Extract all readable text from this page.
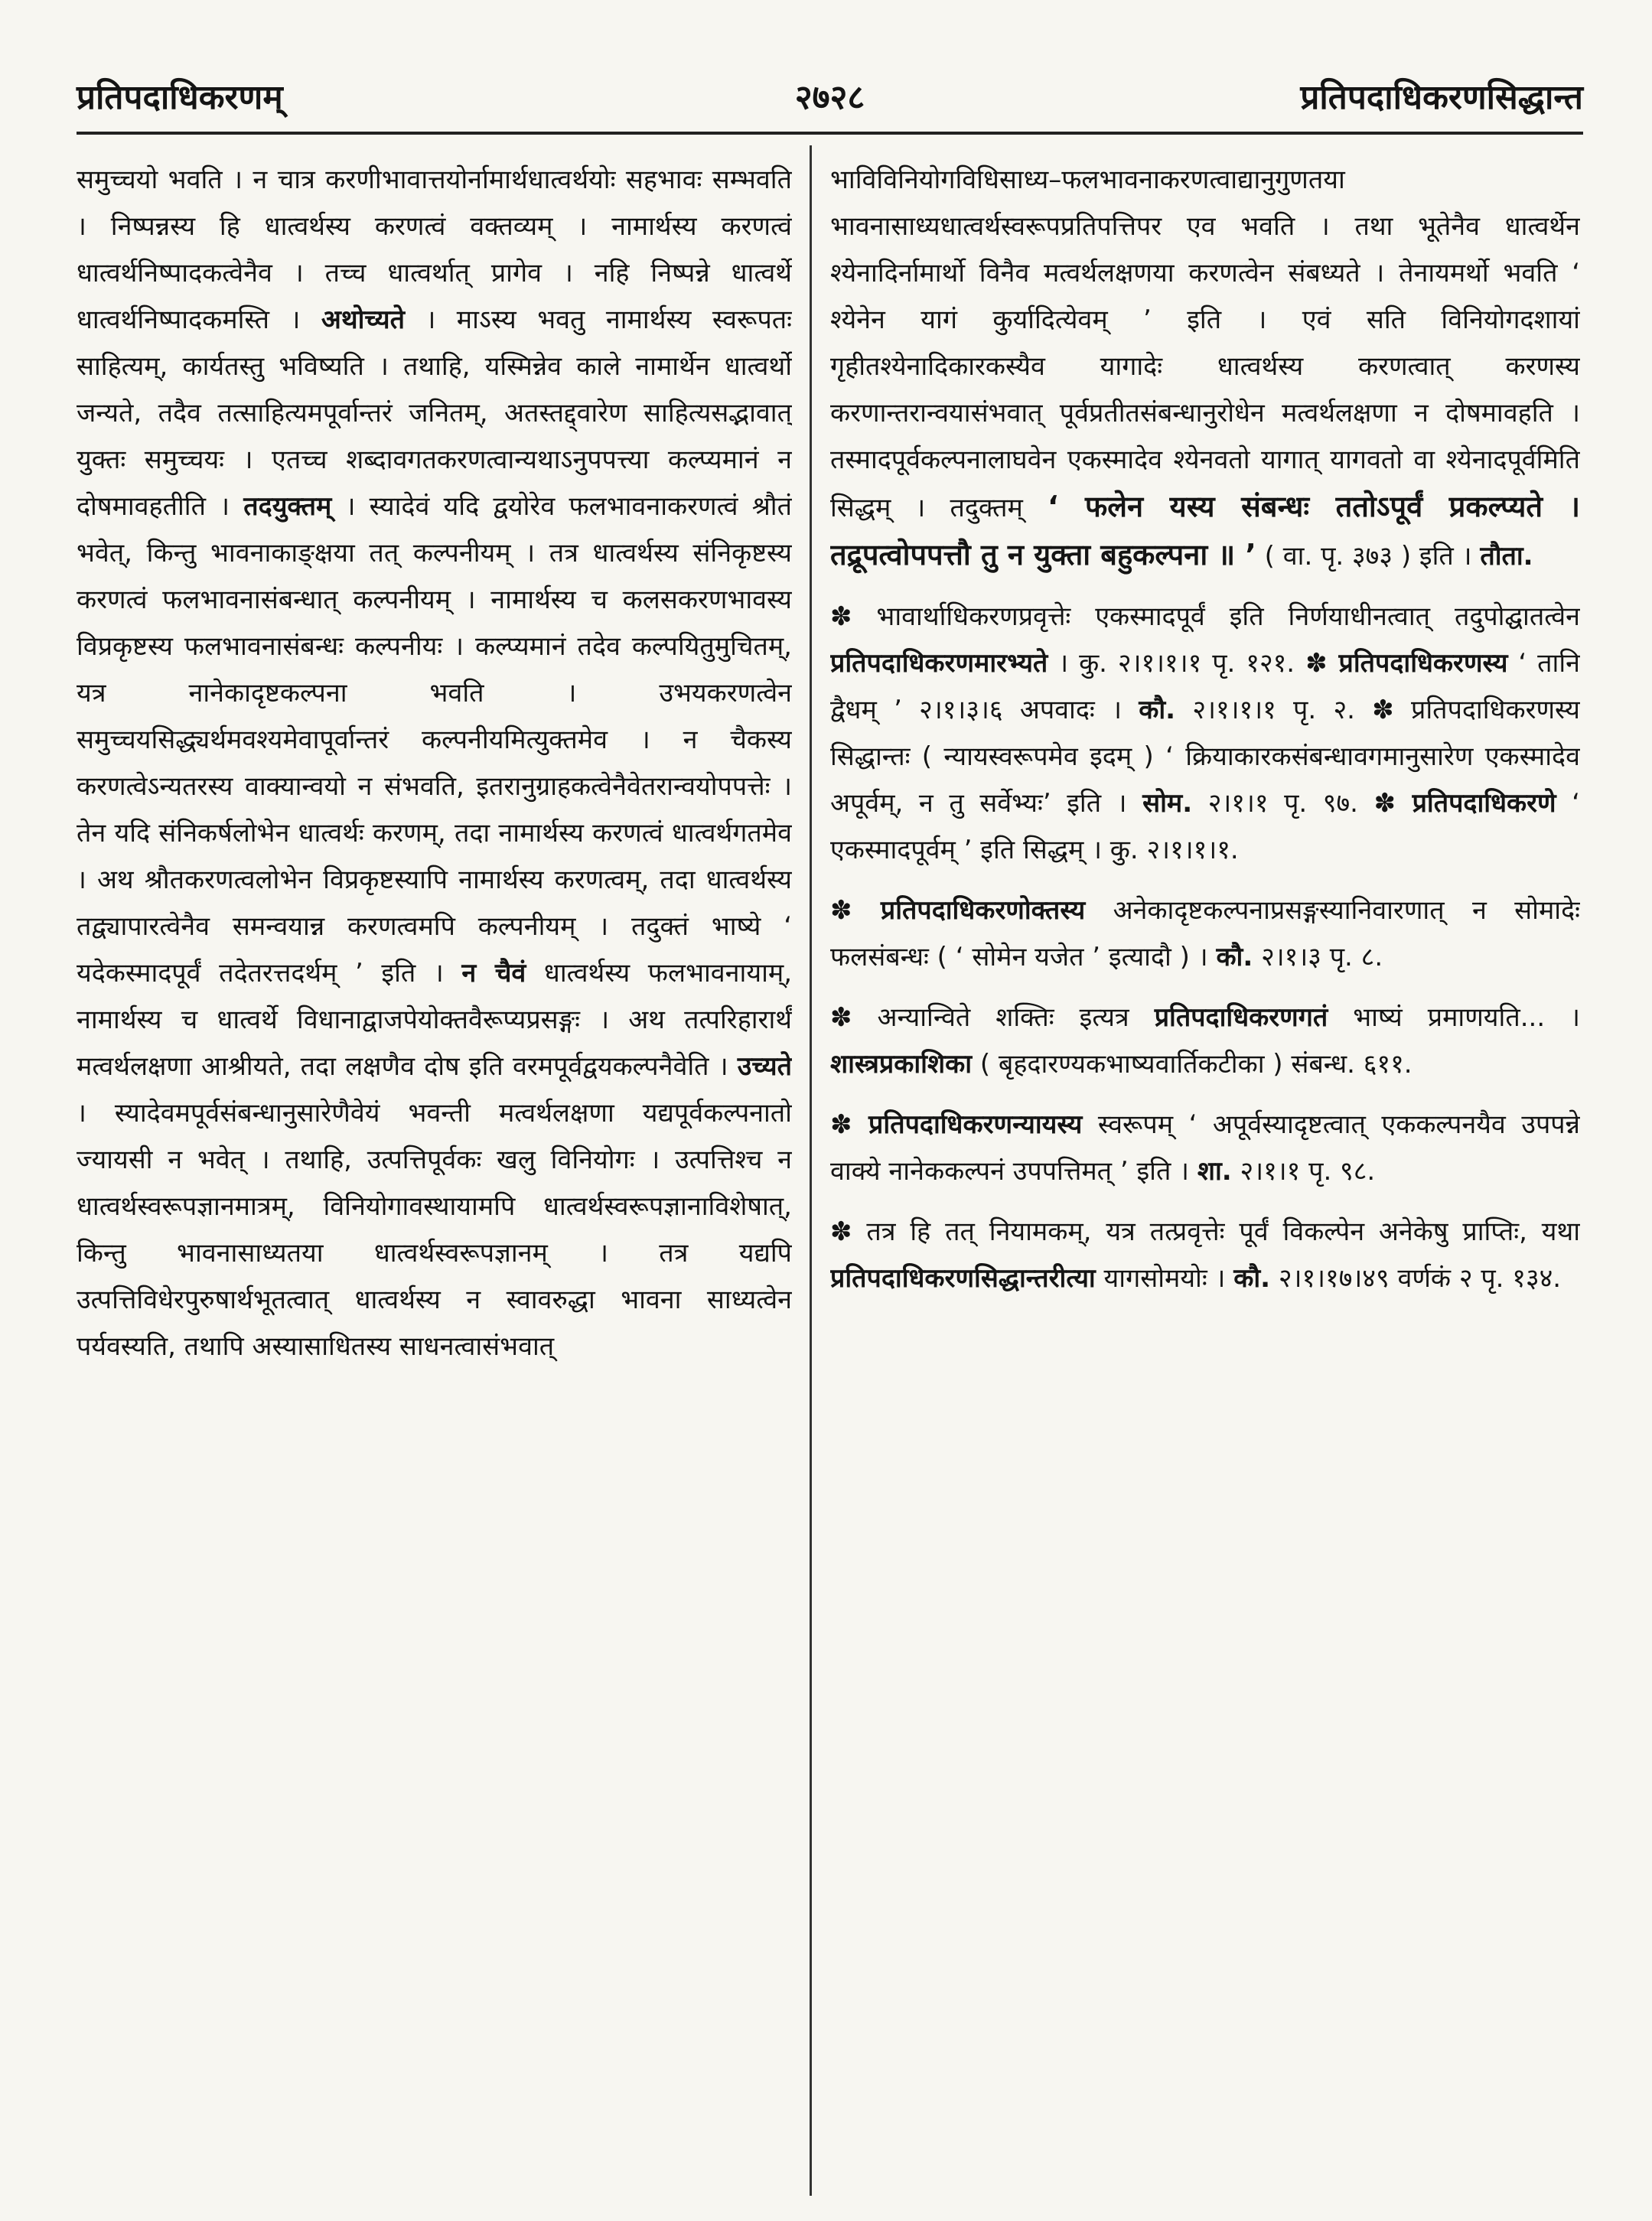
प्रतिपदाधिकरणम्	२७२८	प्रतिपदाधिकरणसिद्धान्त

समुच्चयो भवति । न चात्र करणीभावात्तयोर्नामार्थधात्वर्थयोः सहभावः सम्भवति । निष्पन्नस्य हि धात्वर्थस्य करणत्वं वक्तव्यम् । नामार्थस्य करणत्वं धात्वर्थनिष्पादकत्वेनैव । तच्च धात्वर्थात् प्रागेव । नहि निष्पन्ने धात्वर्थे धात्वर्थनिष्पादकमस्ति । अथोच्यते । माऽस्य भवतु नामार्थस्य स्वरूपतः साहित्यम्, कार्यतस्तु भविष्यति । तथाहि, यस्मिन्नेव काले नामार्थेन धात्वर्थो जन्यते, तदैव तत्साहित्यमपूर्वान्तरं जनितम्, अतस्तद्द्वारेण साहित्यसद्भावात् युक्तः समुच्चयः । एतच्च शब्दावगतकरणत्वान्यथाऽनुपपत्त्या कल्प्यमानं न दोषमावहतीति । तदयुक्तम् । स्यादेवं यदि द्वयोरेव फलभावनाकरणत्वं श्रौतं भवेत्, किन्तु भावनाकाङ्क्षया तत् कल्पनीयम् । तत्र धात्वर्थस्य संनिकृष्टस्य करणत्वं फलभावनासंबन्धात् कल्पनीयम् । नामार्थस्य च कलसकरणभावस्य विप्रकृष्टस्य फलभावनासंबन्धः कल्पनीयः । कल्प्यमानं तदेव कल्पयितुमुचितम्, यत्र नानेकादृष्टकल्पना भवति । उभयकरणत्वेन समुच्चयसिद्ध्यर्थमवश्यमेवापूर्वान्तरं कल्पनीयमित्युक्तमेव । न चैकस्य करणत्वेऽन्यतरस्य वाक्यान्वयो न संभवति, इतरानुग्राहकत्वेनैवेतरान्वयोपपत्तेः । तेन यदि संनिकर्षलोभेन धात्वर्थः करणम्, तदा नामार्थस्य करणत्वं धात्वर्थगतमेव । अथ श्रौतकरणत्वलोभेन विप्रकृष्टस्यापि नामार्थस्य करणत्वम्, तदा धात्वर्थस्य तद्व्यापारत्वेनैव समन्वयान्न करणत्वमपि कल्पनीयम् । तदुक्तं भाष्ये ‘ यदेकस्मादपूर्वं तदेतरत्तदर्थम् ’ इति । न चैवं धात्वर्थस्य फलभावनायाम्, नामार्थस्य च धात्वर्थे विधानाद्वाजपेयोक्तवैरूप्यप्रसङ्गः । अथ तत्परिहारार्थं मत्वर्थलक्षणा आश्रीयते, तदा लक्षणैव दोष इति वरमपूर्वद्वयकल्पनैवेति । उच्यते । स्यादेवमपूर्वसंबन्धानुसारेणैवेयं भवन्ती मत्वर्थलक्षणा यद्यपूर्वकल्पनातो ज्यायसी न भवेत् । तथाहि, उत्पत्तिपूर्वकः खलु विनियोगः । उत्पत्तिश्च न धात्वर्थस्वरूपज्ञानमात्रम्, विनियोगावस्थायामपि धात्वर्थस्वरूपज्ञानाविशेषात्, किन्तु भावनासाध्यतया धात्वर्थस्वरूपज्ञानम् । तत्र यद्यपि उत्पत्तिविधेरपुरुषार्थभूतत्वात् धात्वर्थस्य न स्वावरुद्धा भावना साध्यत्वेन पर्यवस्यति, तथापि अस्यासाधितस्य साधनत्वासंभवात्

भाविविनियोगविधिसाध्य–फलभावनाकरणत्वाद्यानुगुणतया भावनासाध्यधात्वर्थस्वरूपप्रतिपत्तिपर एव भवति । तथा भूतेनैव धात्वर्थेन श्येनादिर्नामार्थो विनैव मत्वर्थलक्षणया करणत्वेन संबध्यते । तेनायमर्थो भवति ‘ श्येनेन यागं कुर्यादित्येवम् ’ इति । एवं सति विनियोगदशायां गृहीतश्येनादिकारकस्यैव यागादेः धात्वर्थस्य करणत्वात् करणस्य करणान्तरान्वयासंभवात् पूर्वप्रतीतसंबन्धानुरोधेन मत्वर्थलक्षणा न दोषमावहति । तस्मादपूर्वकल्पनालाघवेन एकस्मादेव श्येनवतो यागात् यागवतो वा श्येनादपूर्वमिति सिद्धम् । तदुक्तम् ‘ फलेन यस्य संबन्धः ततोऽपूर्वं प्रकल्प्यते । तद्रूपत्वोपपत्तौ तु न युक्ता बहुकल्पना ॥ ’ ( वा. पृ. ३७३ ) इति । तौता.

✽ भावार्थाधिकरणप्रवृत्तेः एकस्मादपूर्वं इति निर्णयाधीनत्वात् तदुपोद्घातत्वेन प्रतिपदाधिकरणमारभ्यते । कु. २।१।१।१ पृ. १२१. ✽ प्रतिपदाधिकरणस्य ‘ तानि द्वैधम् ’ २।१।३।६ अपवादः । कौ. २।१।१।१ पृ. २. ✽ प्रतिपदाधिकरणस्य सिद्धान्तः ( न्यायस्वरूपमेव इदम् ) ‘ क्रियाकारकसंबन्धावगमानुसारेण एकस्मादेव अपूर्वम्, न तु सर्वेभ्यः’ इति । सोम. २।१।१ पृ. ९७. ✽ प्रतिपदाधिकरणे ‘ एकस्मादपूर्वम् ’ इति सिद्धम् । कु. २।१।१।१.

✽ प्रतिपदाधिकरणोक्तस्य अनेकादृष्टकल्पनाप्रसङ्गस्यानिवारणात् न सोमादेः फलसंबन्धः ( ‘ सोमेन यजेत ’ इत्यादौ ) । कौ. २।१।३ पृ. ८.

✽ अन्यान्विते शक्तिः इत्यत्र प्रतिपदाधिकरणगतं भाष्यं प्रमाणयति... । शास्त्रप्रकाशिका ( बृहदारण्यकभाष्यवार्तिकटीका ) संबन्ध. ६११.

✽ प्रतिपदाधिकरणन्यायस्य स्वरूपम् ‘ अपूर्वस्यादृष्टत्वात् एककल्पनयैव उपपन्ने वाक्ये नानेककल्पनं उपपत्तिमत् ’ इति । शा. २।१।१ पृ. ९८.

✽ तत्र हि तत् नियामकम्, यत्र तत्प्रवृत्तेः पूर्वं विकल्पेन अनेकेषु प्राप्तिः, यथा प्रतिपदाधिकरणसिद्धान्तरीत्या यागसोमयोः । कौ. २।१।१७।४९ वर्णकं २ पृ. १३४.
